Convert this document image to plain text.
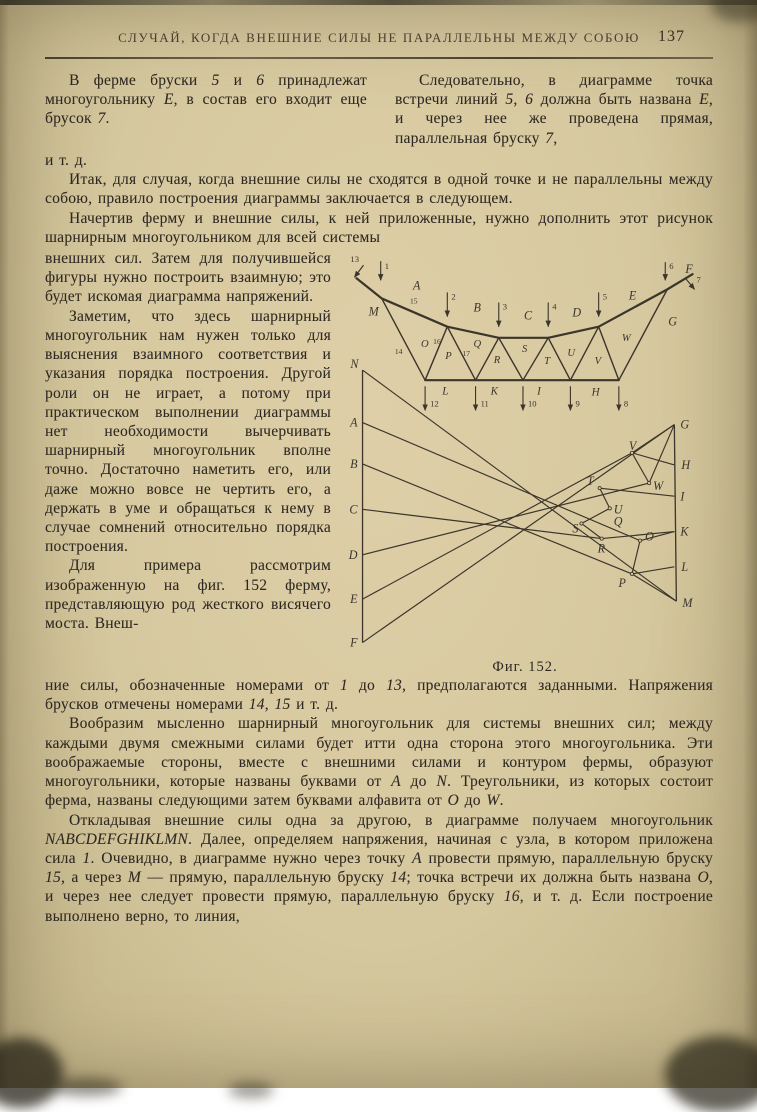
СЛУЧАЙ, КОГДА ВНЕШНИЕ СИЛЫ НЕ ПАРАЛЛЕЛЬНЫ МЕЖДУ СОБОЮ 137
В ферме бруски 5 и 6 принадлежат многоугольнику E, в состав его входит еще брусок 7.
Следовательно, в диаграмме точка встречи линий 5, 6 должна быть названа E, и через нее же проведена прямая, параллельная бруску 7,

и т. д.

Итак, для случая, когда внешние силы не сходятся в одной точке и не параллельны между собою, правило построения диаграммы заключается в следующем.

Начертив ферму и внешние силы, к ней приложенные, нужно дополнить этот рисунок шарнирным многоугольником для всей системы

внешних сил. Затем для получившейся фигуры нужно построить взаимную; это будет искомая диаграмма напряжений.

Заметим, что здесь шарнирный многоугольник нам нужен только для выяснения взаимного соответствия и указания порядка построения. Другой роли он не играет, а потому при практическом выполнении диаграммы нет необходимости вычерчивать шарнирный многоугольник вполне точно. Достаточно наметить его, или даже можно вовсе не чертить его, а держать в уме и обращаться к нему в случае сомнений относительно порядка построения.

Для примера рассмотрим изображенную на фиг. 152 ферму, представляющую род жесткого висячего моста. Внеш-

M
A
B
C	D
E
F
G
N
O
P
Q
R
S
T
U
V
W
L	K	I	H
15
14
16
17
1
2
3	4
5
6
13
7
12	11	10	9	8
A
B
C
D
E
F
G
H
I
K
L
M
V
W
T
U
Q
S
R
O
P
Фиг. 152.

ние силы, обозначенные номерами от 1 до 13, предполагаются заданными. Напряжения брусков отмечены номерами 14, 15 и т. д.

Вообразим мысленно шарнирный многоугольник для системы внешних сил; между каждыми двумя смежными силами будет итти одна сторона этого многоугольника. Эти воображаемые стороны, вместе с внешними силами и контуром фермы, образуют многоугольники, которые названы буквами от A до N. Треугольники, из которых состоит ферма, названы следующими затем буквами алфавита от O до W.

Откладывая внешние силы одна за другою, в диаграмме получаем многоугольник NABCDEFGHIKLMN. Далее, определяем напряжения, начиная с узла, в котором приложена сила 1. Очевидно, в диаграмме нужно через точку A провести прямую, параллельную бруску 15, а через M — прямую, параллельную бруску 14; точка встречи их должна быть названа O, и через нее следует провести прямую, параллельную бруску 16, и т. д. Если построение выполнено верно, то линия,
